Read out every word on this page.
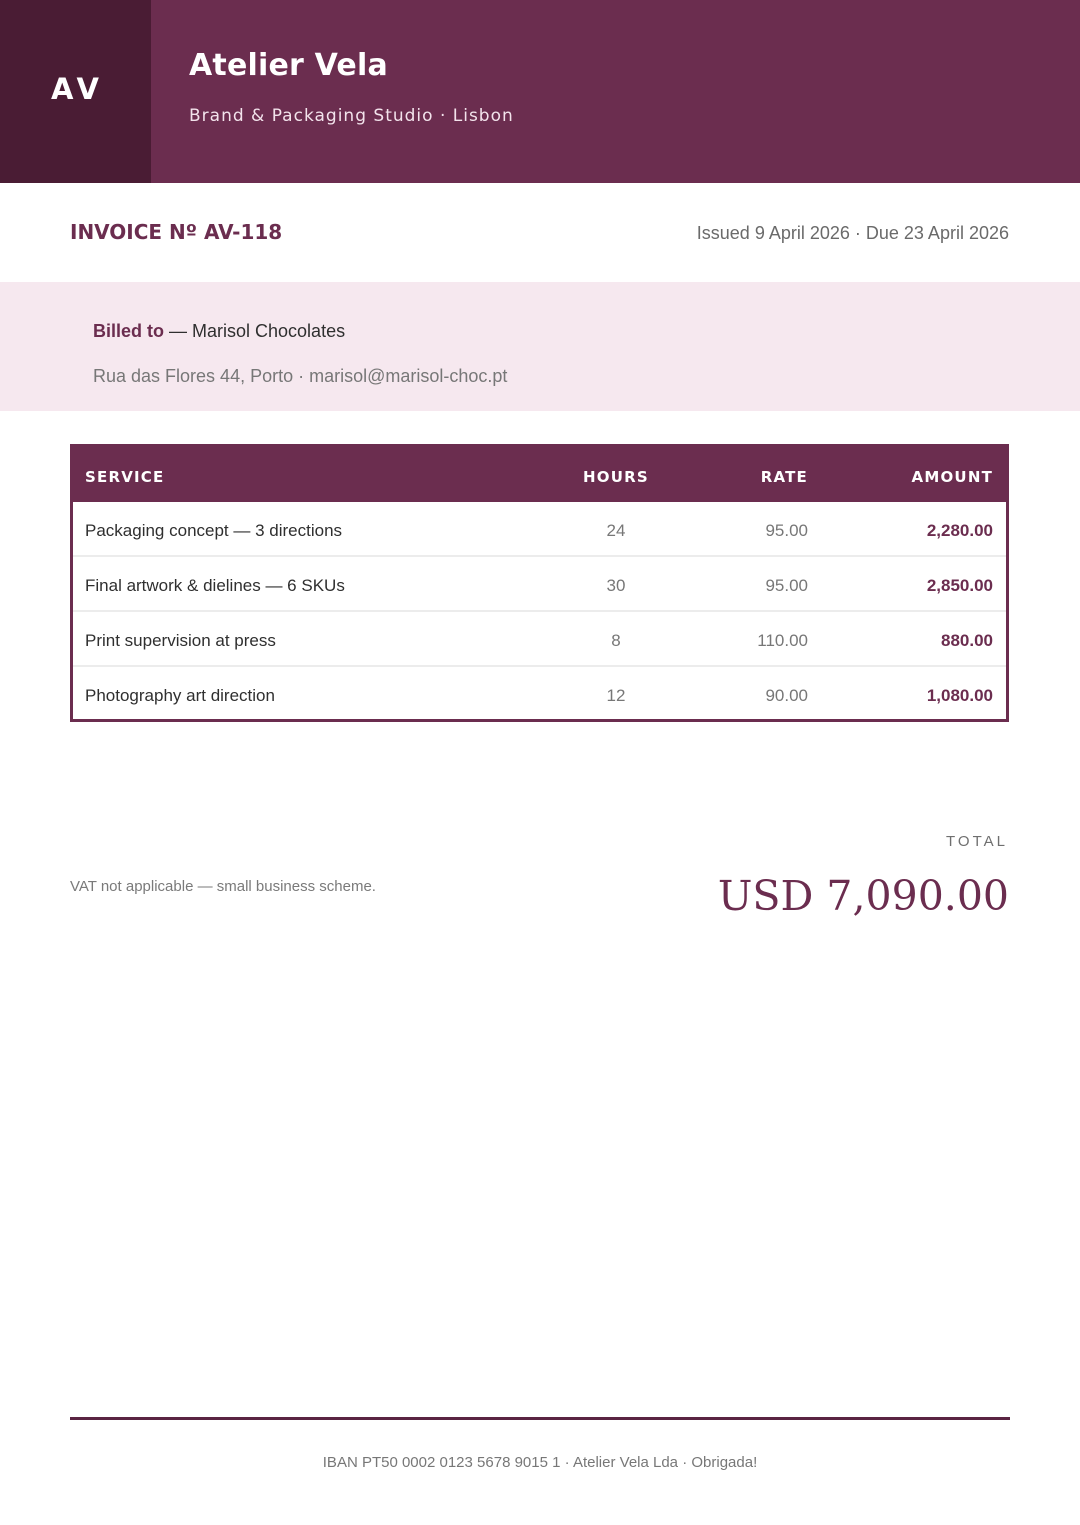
AV
Atelier Vela
Brand & Packaging Studio · Lisbon
INVOICE Nº AV-118	Issued 9 April 2026 · Due 23 April 2026
Billed to — Marisol Chocolates
Rua das Flores 44, Porto · marisol@marisol-choc.pt
SERVICE	HOURS	RATE	AMOUNT
Packaging concept — 3 directions	24	95.00	2,280.00
Final artwork & dielines — 6 SKUs	30	95.00	2,850.00
Print supervision at press	8	110.00	880.00
Photography art direction	12	90.00	1,080.00
VAT not applicable — small business scheme.
TOTAL
USD 7,090.00
IBAN PT50 0002 0123 5678 9015 1 · Atelier Vela Lda · Obrigada!
